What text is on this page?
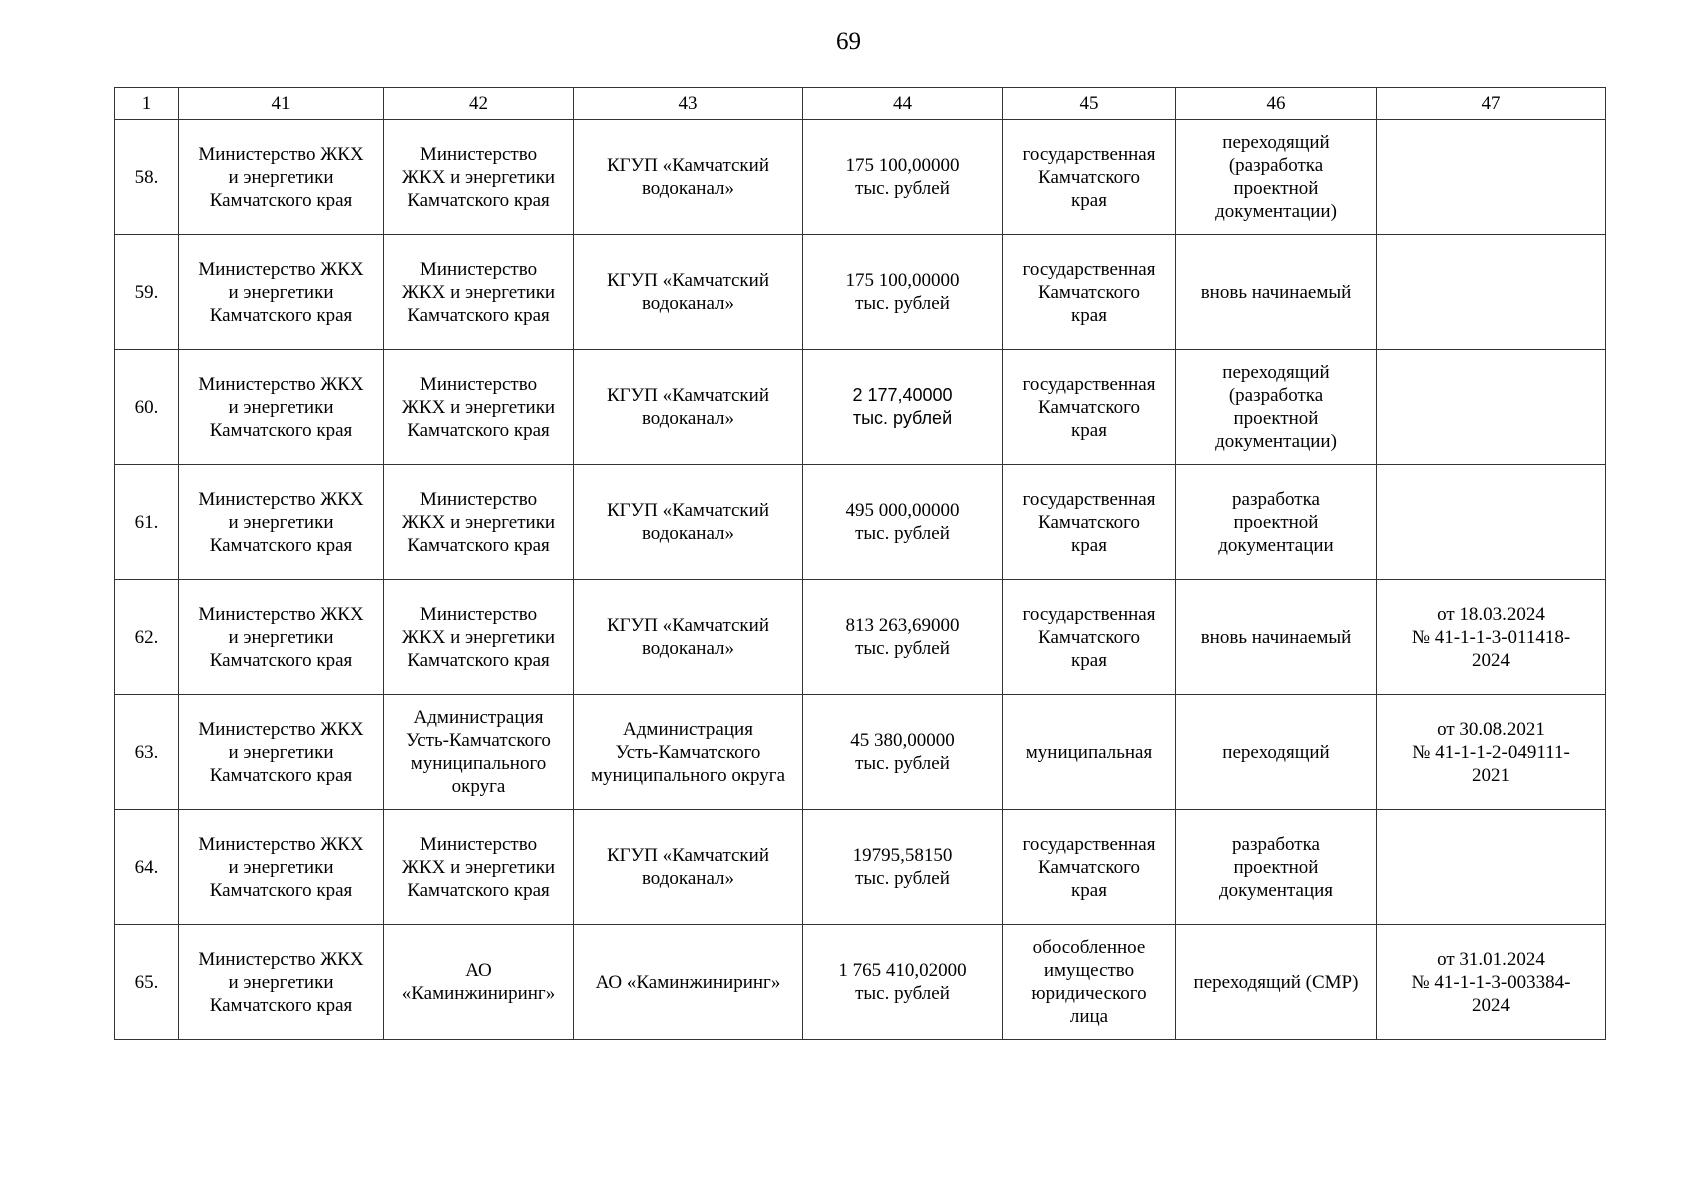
69
1	41	42	43	44	45	46	47
58.	Министерство ЖКХ
и энергетики
Камчатского края	Министерство
ЖКХ и энергетики
Камчатского края	КГУП «Камчатский
водоканал»	175 100,00000
тыс. рублей	государственная
Камчатского
края	переходящий
(разработка
проектной
документации)	
59.	Министерство ЖКХ
и энергетики
Камчатского края	Министерство
ЖКХ и энергетики
Камчатского края	КГУП «Камчатский
водоканал»	175 100,00000
тыс. рублей	государственная
Камчатского
края	вновь начинаемый	
60.	Министерство ЖКХ
и энергетики
Камчатского края	Министерство
ЖКХ и энергетики
Камчатского края	КГУП «Камчатский
водоканал»	2 177,40000
тыс. рублей	государственная
Камчатского
края	переходящий
(разработка
проектной
документации)	
61.	Министерство ЖКХ
и энергетики
Камчатского края	Министерство
ЖКХ и энергетики
Камчатского края	КГУП «Камчатский
водоканал»	495 000,00000
тыс. рублей	государственная
Камчатского
края	разработка
проектной
документации	
62.	Министерство ЖКХ
и энергетики
Камчатского края	Министерство
ЖКХ и энергетики
Камчатского края	КГУП «Камчатский
водоканал»	813 263,69000
тыс. рублей	государственная
Камчатского
края	вновь начинаемый	от 18.03.2024
№ 41-1-1-3-011418-
2024
63.	Министерство ЖКХ
и энергетики
Камчатского края	Администрация
Усть-Камчатского
муниципального
округа	Администрация
Усть-Камчатского
муниципального округа	45 380,00000
тыс. рублей	муниципальная	переходящий	от 30.08.2021
№ 41-1-1-2-049111-
2021
64.	Министерство ЖКХ
и энергетики
Камчатского края	Министерство
ЖКХ и энергетики
Камчатского края	КГУП «Камчатский
водоканал»	19795,58150
тыс. рублей	государственная
Камчатского
края	разработка
проектной
документация	
65.	Министерство ЖКХ
и энергетики
Камчатского края	АО
«Каминжиниринг»	АО «Каминжиниринг»	1 765 410,02000
тыс. рублей	обособленное
имущество
юридического
лица	переходящий (СМР)	от 31.01.2024
№ 41-1-1-3-003384-
2024
